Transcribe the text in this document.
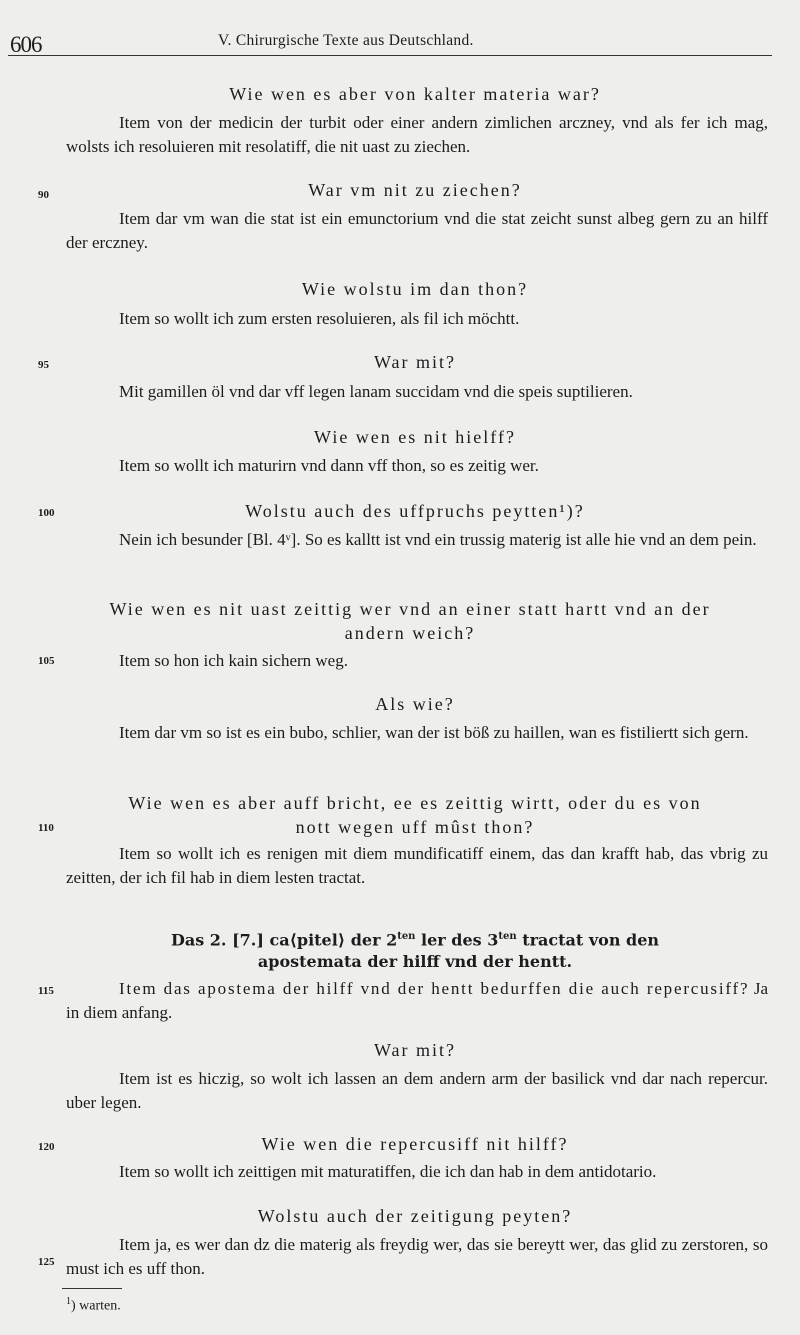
606	V. Chirurgische Texte aus Deutschland.
90
95
100
105
110
115
120
125
Wie wen es aber von kalter materia war?
Item von der medicin der turbit oder einer andern zimlichen arczney, vnd als fer ich mag, wolsts ich resoluieren mit resolatiff, die nit uast zu ziechen.
War vm nit zu ziechen?
Item dar vm wan die stat ist ein emunctorium vnd die stat zeicht sunst albeg gern zu an hilff der erczney.
Wie wolstu im dan thon?
Item so wollt ich zum ersten resoluieren, als fil ich möchtt.
War mit?
Mit gamillen öl vnd dar vff legen lanam succidam vnd die speis suptilieren.
Wie wen es nit hielff?
Item so wollt ich maturirn vnd dann vff thon, so es zeitig wer.
Wolstu auch des uffpruchs peytten¹)?
Nein ich besunder [Bl. 4ᵛ]. So es kalltt ist vnd ein trussig materig ist alle hie vnd an dem pein.
Wie wen es nit uast zeittig wer vnd an einer statt hartt vnd an der andern weich?
Item so hon ich kain sichern weg.
Als wie?
Item dar vm so ist es ein bubo, schlier, wan der ist böß zu haillen, wan es fistiliertt sich gern.
Wie wen es aber auff bricht, ee es zeittig wirtt, oder du es von nott wegen uff mûst thon?
Item so wollt ich es renigen mit diem mundificatiff einem, das dan krafft hab, das vbrig zu zeitten, der ich fil hab in diem lesten tractat.
Das 2. [7.] ca⟨pitel⟩ der $2^{ten}$ ler des $3^{ten}$ tractat von den
apostemata der hilff vnd der hentt.
Item das apostema der hilff vnd der hentt bedurffen die auch repercusiff? Ja in diem anfang.
War mit?
Item ist es hiczig, so wolt ich lassen an dem andern arm der basilick vnd dar nach repercur. uber legen.
Wie wen die repercusiff nit hilff?
Item so wollt ich zeittigen mit maturatiffen, die ich dan hab in dem antidotario.
Wolstu auch der zeitigung peyten?
Item ja, es wer dan dz die materig als freydig wer, das sie bereytt wer, das glid zu zerstoren, so must ich es uff thon.
$^1$) warten.
